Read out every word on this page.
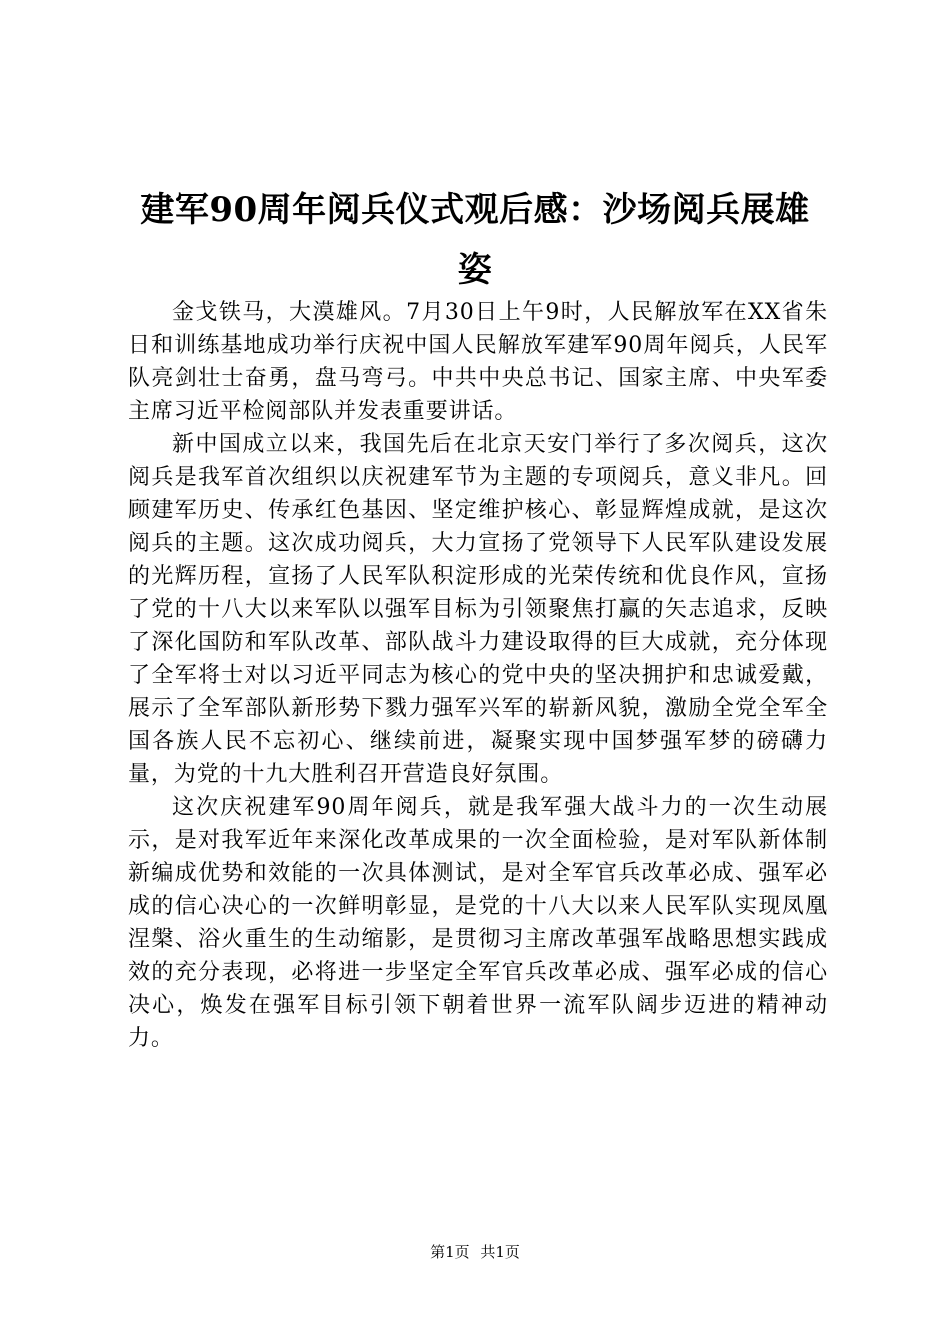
建军90周年阅兵仪式观后感：沙场阅兵展雄姿

金戈铁马，大漠雄风。7月30日上午9时，人民解放军在XX省朱日和训练基地成功举行庆祝中国人民解放军建军90周年阅兵，人民军队亮剑壮士奋勇，盘马弯弓。中共中央总书记、国家主席、中央军委主席习近平检阅部队并发表重要讲话。

新中国成立以来，我国先后在北京天安门举行了多次阅兵，这次阅兵是我军首次组织以庆祝建军节为主题的专项阅兵，意义非凡。回顾建军历史、传承红色基因、坚定维护核心、彰显辉煌成就，是这次阅兵的主题。这次成功阅兵，大力宣扬了党领导下人民军队建设发展的光辉历程，宣扬了人民军队积淀形成的光荣传统和优良作风，宣扬了党的十八大以来军队以强军目标为引领聚焦打赢的矢志追求，反映了深化国防和军队改革、部队战斗力建设取得的巨大成就，充分体现了全军将士对以习近平同志为核心的党中央的坚决拥护和忠诚爱戴，展示了全军部队新形势下戮力强军兴军的崭新风貌，激励全党全军全国各族人民不忘初心、继续前进，凝聚实现中国梦强军梦的磅礴力量，为党的十九大胜利召开营造良好氛围。

这次庆祝建军90周年阅兵，就是我军强大战斗力的一次生动展示，是对我军近年来深化改革成果的一次全面检验，是对军队新体制新编成优势和效能的一次具体测试，是对全军官兵改革必成、强军必成的信心决心的一次鲜明彰显，是党的十八大以来人民军队实现凤凰涅槃、浴火重生的生动缩影，是贯彻习主席改革强军战略思想实践成效的充分表现，必将进一步坚定全军官兵改革必成、强军必成的信心决心，焕发在强军目标引领下朝着世界一流军队阔步迈进的精神动力。

第1页 共1页
